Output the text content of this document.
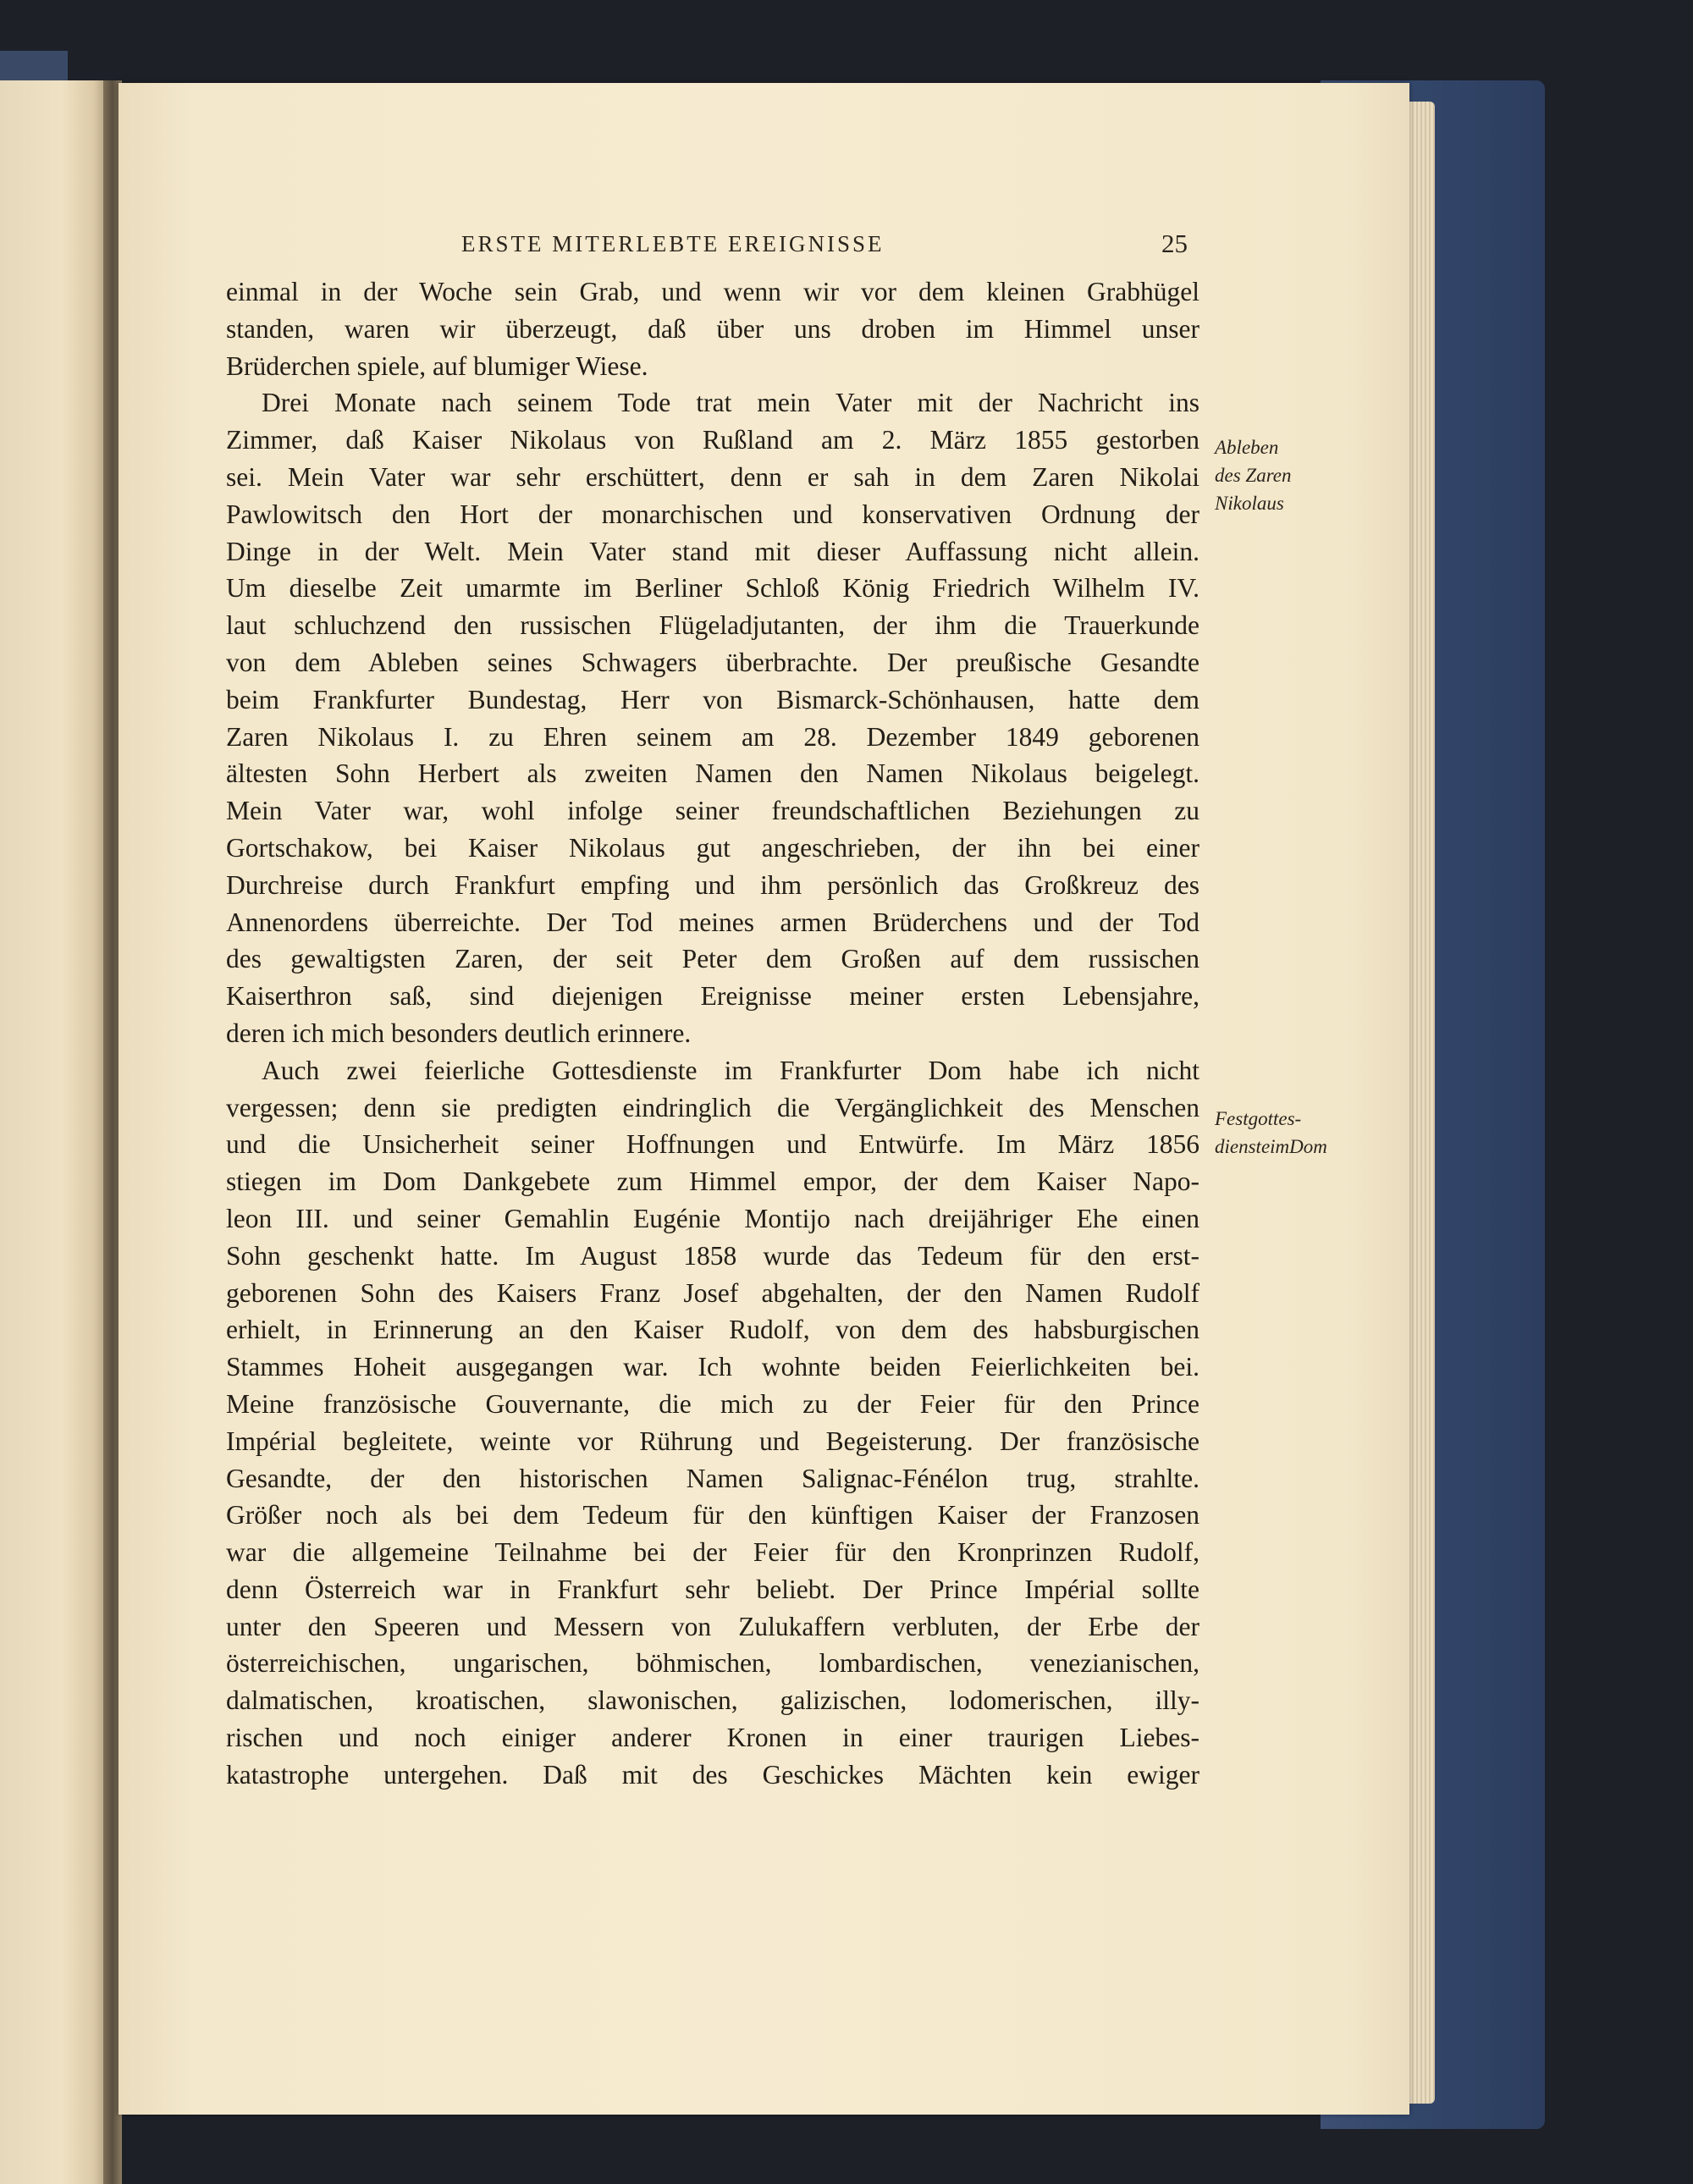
ERSTE MITERLEBTE EREIGNISSE	25
einmal in der Woche sein Grab, und wenn wir vor dem kleinen Grabhügel
standen, waren wir überzeugt, daß über uns droben im Himmel unser
Brüderchen spiele, auf blumiger Wiese.
Drei Monate nach seinem Tode trat mein Vater mit der Nachricht ins
Zimmer, daß Kaiser Nikolaus von Rußland am 2. März 1855 gestorben
sei. Mein Vater war sehr erschüttert, denn er sah in dem Zaren Nikolai
Pawlowitsch den Hort der monarchischen und konservativen Ordnung der
Dinge in der Welt. Mein Vater stand mit dieser Auffassung nicht allein.
Um dieselbe Zeit umarmte im Berliner Schloß König Friedrich Wilhelm IV.
laut schluchzend den russischen Flügeladjutanten, der ihm die Trauerkunde
von dem Ableben seines Schwagers überbrachte. Der preußische Gesandte
beim Frankfurter Bundestag, Herr von Bismarck-Schönhausen, hatte dem
Zaren Nikolaus I. zu Ehren seinem am 28. Dezember 1849 geborenen
ältesten Sohn Herbert als zweiten Namen den Namen Nikolaus beigelegt.
Mein Vater war, wohl infolge seiner freundschaftlichen Beziehungen zu
Gortschakow, bei Kaiser Nikolaus gut angeschrieben, der ihn bei einer
Durchreise durch Frankfurt empfing und ihm persönlich das Großkreuz des
Annenordens überreichte. Der Tod meines armen Brüderchens und der Tod
des gewaltigsten Zaren, der seit Peter dem Großen auf dem russischen
Kaiserthron saß, sind diejenigen Ereignisse meiner ersten Lebensjahre,
deren ich mich besonders deutlich erinnere.
Auch zwei feierliche Gottesdienste im Frankfurter Dom habe ich nicht
vergessen; denn sie predigten eindringlich die Vergänglichkeit des Menschen
und die Unsicherheit seiner Hoffnungen und Entwürfe. Im März 1856
stiegen im Dom Dankgebete zum Himmel empor, der dem Kaiser Napo-
leon III. und seiner Gemahlin Eugénie Montijo nach dreijähriger Ehe einen
Sohn geschenkt hatte. Im August 1858 wurde das Tedeum für den erst-
geborenen Sohn des Kaisers Franz Josef abgehalten, der den Namen Rudolf
erhielt, in Erinnerung an den Kaiser Rudolf, von dem des habsburgischen
Stammes Hoheit ausgegangen war. Ich wohnte beiden Feierlichkeiten bei.
Meine französische Gouvernante, die mich zu der Feier für den Prince
Impérial begleitete, weinte vor Rührung und Begeisterung. Der französische
Gesandte, der den historischen Namen Salignac-Fénélon trug, strahlte.
Größer noch als bei dem Tedeum für den künftigen Kaiser der Franzosen
war die allgemeine Teilnahme bei der Feier für den Kronprinzen Rudolf,
denn Österreich war in Frankfurt sehr beliebt. Der Prince Impérial sollte
unter den Speeren und Messern von Zulukaffern verbluten, der Erbe der
österreichischen, ungarischen, böhmischen, lombardischen, venezianischen,
dalmatischen, kroatischen, slawonischen, galizischen, lodomerischen, illy-
rischen und noch einiger anderer Kronen in einer traurigen Liebes-
katastrophe untergehen. Daß mit des Geschickes Mächten kein ewiger
Ableben
des Zaren
Nikolaus
Festgottes-
diensteimDom
